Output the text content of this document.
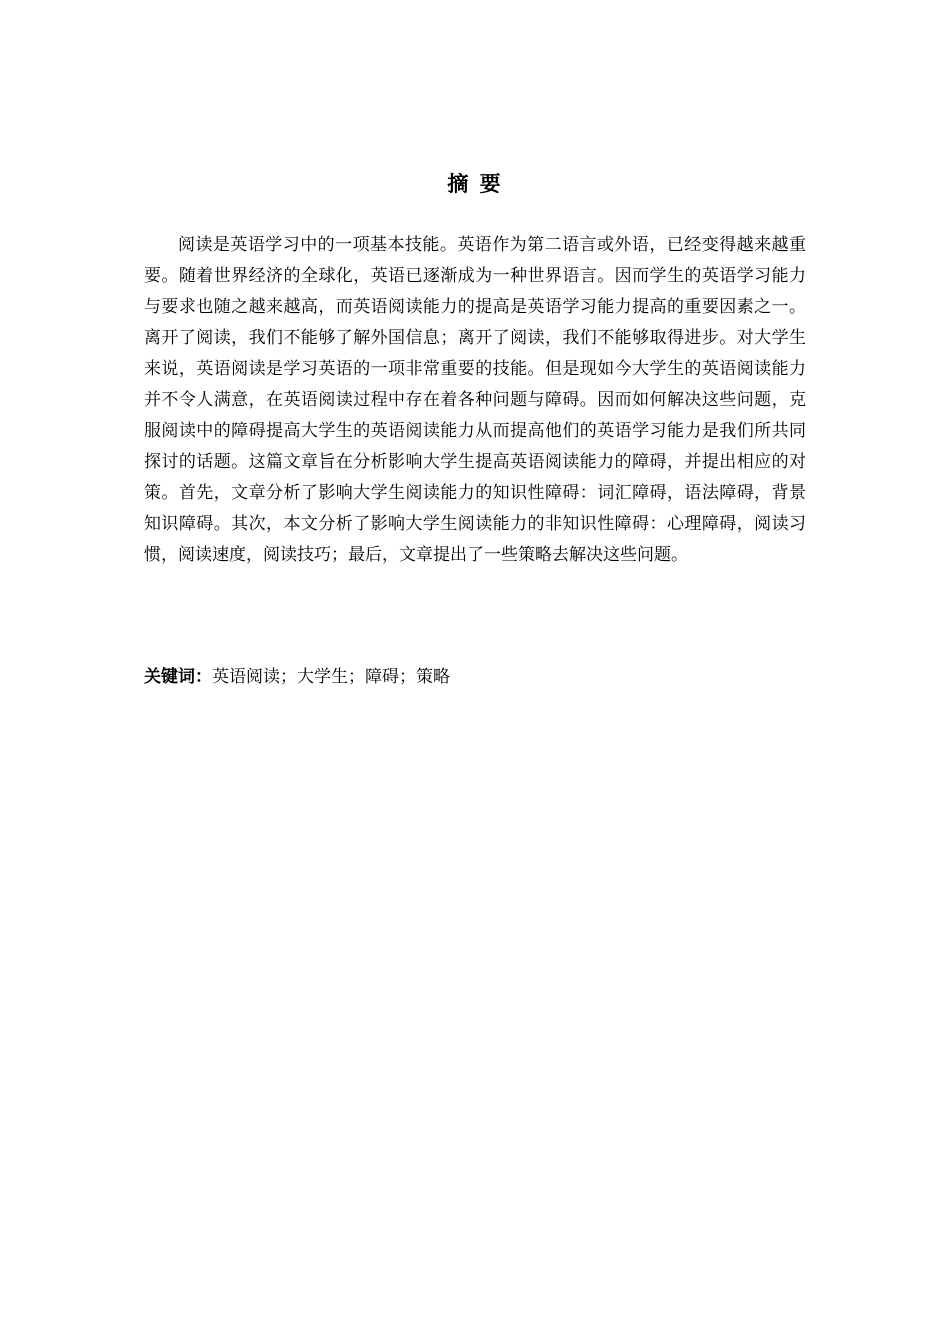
摘 要

阅读是英语学习中的一项基本技能。英语作为第二语言或外语，已经变得越来越重要。随着世界经济的全球化，英语已逐渐成为一种世界语言。因而学生的英语学习能力与要求也随之越来越高，而英语阅读能力的提高是英语学习能力提高的重要因素之一。离开了阅读，我们不能够了解外国信息；离开了阅读，我们不能够取得进步。对大学生来说，英语阅读是学习英语的一项非常重要的技能。但是现如今大学生的英语阅读能力并不令人满意，在英语阅读过程中存在着各种问题与障碍。因而如何解决这些问题，克服阅读中的障碍提高大学生的英语阅读能力从而提高他们的英语学习能力是我们所共同探讨的话题。这篇文章旨在分析影响大学生提高英语阅读能力的障碍，并提出相应的对策。首先，文章分析了影响大学生阅读能力的知识性障碍：词汇障碍，语法障碍，背景知识障碍。其次，本文分析了影响大学生阅读能力的非知识性障碍：心理障碍，阅读习惯，阅读速度，阅读技巧；最后，文章提出了一些策略去解决这些问题。

关键词：英语阅读；大学生；障碍；策略
